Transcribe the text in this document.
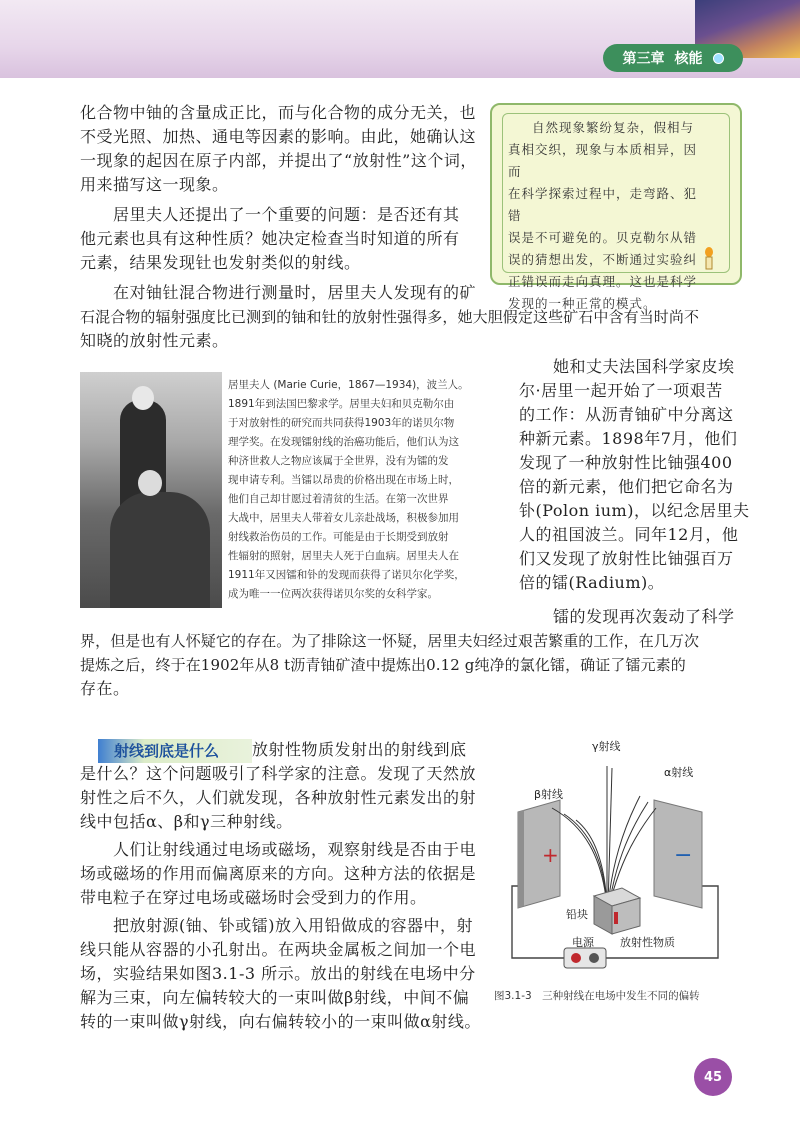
第三章 核能

化合物中铀的含量成正比，而与化合物的成分无关，也

不受光照、加热、通电等因素的影响。由此，她确认这

一现象的起因在原子内部，并提出了“放射性”这个词，

用来描写这一现象。

居里夫人还提出了一个重要的问题：是否还有其

他元素也具有这种性质？她决定检查当时知道的所有

元素，结果发现钍也发射类似的射线。

在对铀钍混合物进行测量时，居里夫人发现有的矿

石混合物的辐射强度比已测到的铀和钍的放射性强得多，她大胆假定这些矿石中含有当时尚不

知晓的放射性元素。

自然现象繁纷复杂，假相与
真相交织，现象与本质相异，因而
在科学探索过程中，走弯路、犯错
误是不可避免的。贝克勒尔从错
误的猜想出发，不断通过实验纠
正错误而走向真理。这也是科学
发现的一种正常的模式。
居里夫人 (Marie Curie，1867—1934)，波兰人。
1891年到法国巴黎求学。居里夫妇和贝克勒尔由
于对放射性的研究而共同获得1903年的诺贝尔物
理学奖。在发现镭射线的治癌功能后，他们认为这
种济世救人之物应该属于全世界，没有为镭的发
现申请专利。当镭以昂贵的价格出现在市场上时，
他们自己却甘愿过着清贫的生活。在第一次世界
大战中，居里夫人带着女儿亲赴战场，积极参加用
射线救治伤员的工作。可能是由于长期受到放射
性辐射的照射，居里夫人死于白血病。居里夫人在
1911年又因镭和钋的发现而获得了诺贝尔化学奖，
成为唯一一位两次获得诺贝尔奖的女科学家。

她和丈夫法国科学家皮埃

尔·居里一起开始了一项艰苦

的工作：从沥青铀矿中分离这

种新元素。1898年7月，他们

发现了一种放射性比铀强400

倍的新元素，他们把它命名为

钋(Polon ium)，以纪念居里夫

人的祖国波兰。同年12月，他

们又发现了放射性比铀强百万

倍的镭(Radium)。

镭的发现再次轰动了科学

界，但是也有人怀疑它的存在。为了排除这一怀疑，居里夫妇经过艰苦繁重的工作，在几万次

提炼之后，终于在1902年从8 t沥青铀矿渣中提炼出0.12 g纯净的氯化镭，确证了镭元素的

存在。

射线到底是什么	放射性物质发射出的射线到底

是什么？这个问题吸引了科学家的注意。发现了天然放

射性之后不久，人们就发现，各种放射性元素发出的射

线中包括α、β和γ三种射线。

人们让射线通过电场或磁场，观察射线是否由于电

场或磁场的作用而偏离原来的方向。这种方法的依据是

带电粒子在穿过电场或磁场时会受到力的作用。

把放射源(铀、钋或镭)放入用铅做成的容器中，射

线只能从容器的小孔射出。在两块金属板之间加一个电

场，实验结果如图3.1-3 所示。放出的射线在电场中分

解为三束，向左偏转较大的一束叫做β射线，中间不偏

转的一束叫做γ射线，向右偏转较小的一束叫做α射线。

γ射线
α射线
β射线
+	−
铅块
电源 放射性物质
图3.1-3　三种射线在电场中发生不同的偏转
45
